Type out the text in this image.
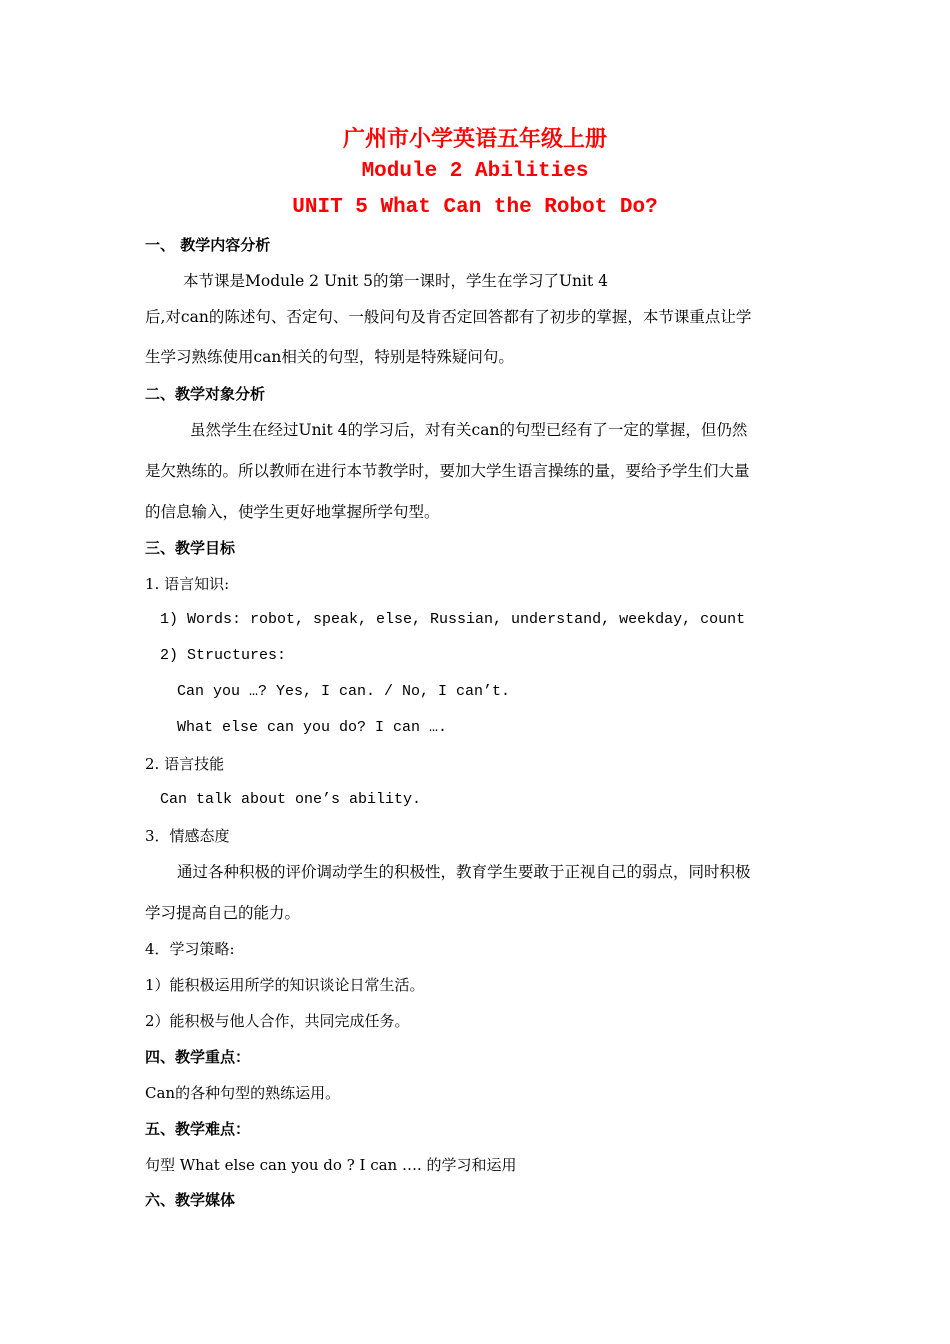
广州市小学英语五年级上册
Module 2 Abilities
UNIT 5 What Can the Robot Do?
一、 教学内容分析
本节课是Module 2 Unit 5的第一课时，学生在学习了Unit 4
后,对can的陈述句、否定句、一般问句及肯否定回答都有了初步的掌握，本节课重点让学
生学习熟练使用can相关的句型，特别是特殊疑问句。
二、教学对象分析
虽然学生在经过Unit 4的学习后，对有关can的句型已经有了一定的掌握，但仍然
是欠熟练的。所以教师在进行本节教学时，要加大学生语言操练的量，要给予学生们大量
的信息输入，使学生更好地掌握所学句型。
三、教学目标
1. 语言知识:
1) Words: robot, speak, else, Russian, understand, weekday, count
2) Structures:
Can you …? Yes, I can. / No, I can’t.
What else can you do? I can ….
2. 语言技能
Can talk about one’s ability.
3．情感态度
通过各种积极的评价调动学生的积极性，教育学生要敢于正视自己的弱点，同时积极
学习提高自己的能力。
4．学习策略:
1）能积极运用所学的知识谈论日常生活。
2）能积极与他人合作，共同完成任务。
四、教学重点：
Can的各种句型的熟练运用。
五、教学难点：
句型 What else can you do ? I can …. 的学习和运用
六、教学媒体
